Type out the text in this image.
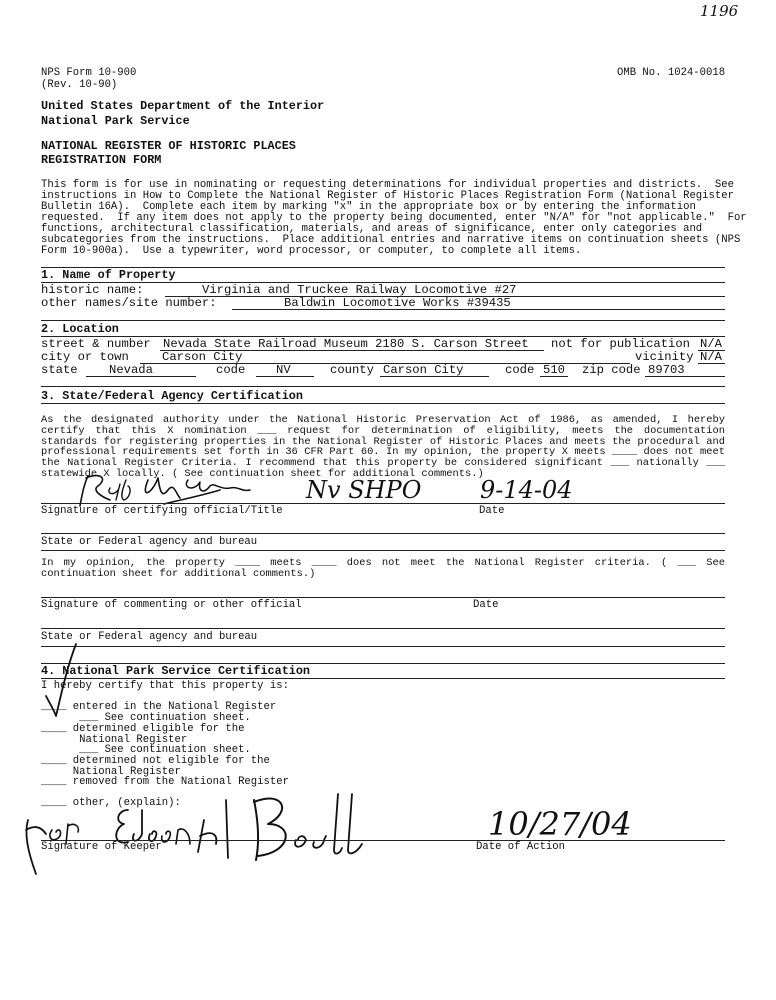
1196
NPS Form 10-900
(Rev. 10-90)
OMB No. 1024-0018
United States Department of the Interior
National Park Service
NATIONAL REGISTER OF HISTORIC PLACES
REGISTRATION FORM
This form is for use in nominating or requesting determinations for individual properties and districts.  See
instructions in How to Complete the National Register of Historic Places Registration Form (National Register
Bulletin 16A).  Complete each item by marking "x" in the appropriate box or by entering the information
requested.  If any item does not apply to the property being documented, enter "N/A" for "not applicable."  For
functions, architectural classification, materials, and areas of significance, enter only categories and
subcategories from the instructions.  Place additional entries and narrative items on continuation sheets (NPS
Form 10-900a).  Use a typewriter, word processor, or computer, to complete all items.
1. Name of Property
historic name:	Virginia and Truckee Railway Locomotive #27
other names/site number:	Baldwin Locomotive Works #39435
2. Location
street & number Nevada State Railroad Museum 2180 S. Carson Street not for publication N/A
city or town	Carson City	vicinity N/A
state	Nevada	code	NV	county Carson City	code 510 zip code 89703
3. State/Federal Agency Certification
As the designated authority under the National Historic Preservation Act of 1986, as amended, I hereby certify that this X nomination ___ request for determination of eligibility, meets the documentation standards for registering properties in the National Register of Historic Places and meets the procedural and professional requirements set forth in 36 CFR Part 60. In my opinion, the property X meets ____ does not meet the National Register Criteria. I recommend that this property be considered significant ___ nationally ___ statewide X locally. ( See continuation sheet for additional comments.)
Nv SHPO 9-14-04
Signature of certifying official/Title	Date
State or Federal agency and bureau
In my opinion, the property ____ meets ____ does not meet the National Register criteria. ( ___ See continuation sheet for additional comments.)
Signature of commenting or other official	Date
State or Federal agency and bureau
4. National Park Service Certification
I hereby certify that this property is:
____ entered in the National Register
___ See continuation sheet.
____ determined eligible for the
National Register
___ See continuation sheet.
____ determined not eligible for the
National Register
____ removed from the National Register
____ other, (explain):
10/27/04
Signature of Keeper	Date of Action
